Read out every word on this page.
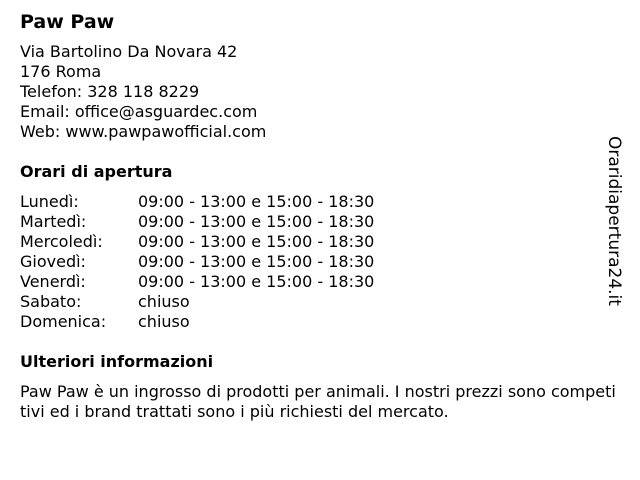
Paw Paw
Via Bartolino Da Novara 42
176 Roma
Telefon: 328 118 8229
Email: office@asguardec.com
Web: www.pawpawofficial.com
Orari di apertura
Lunedì:	09:00 - 13:00 e 15:00 - 18:30
Martedì:	09:00 - 13:00 e 15:00 - 18:30
Mercoledì:	09:00 - 13:00 e 15:00 - 18:30
Giovedì:	09:00 - 13:00 e 15:00 - 18:30
Venerdì:	09:00 - 13:00 e 15:00 - 18:30
Sabato:	chiuso
Domenica:	chiuso
Ulteriori informazioni
Paw Paw è un ingrosso di prodotti per animali. I nostri prezzi sono competitivi ed i brand trattati sono i più richiesti del mercato.
Oraridiapertura24.it
